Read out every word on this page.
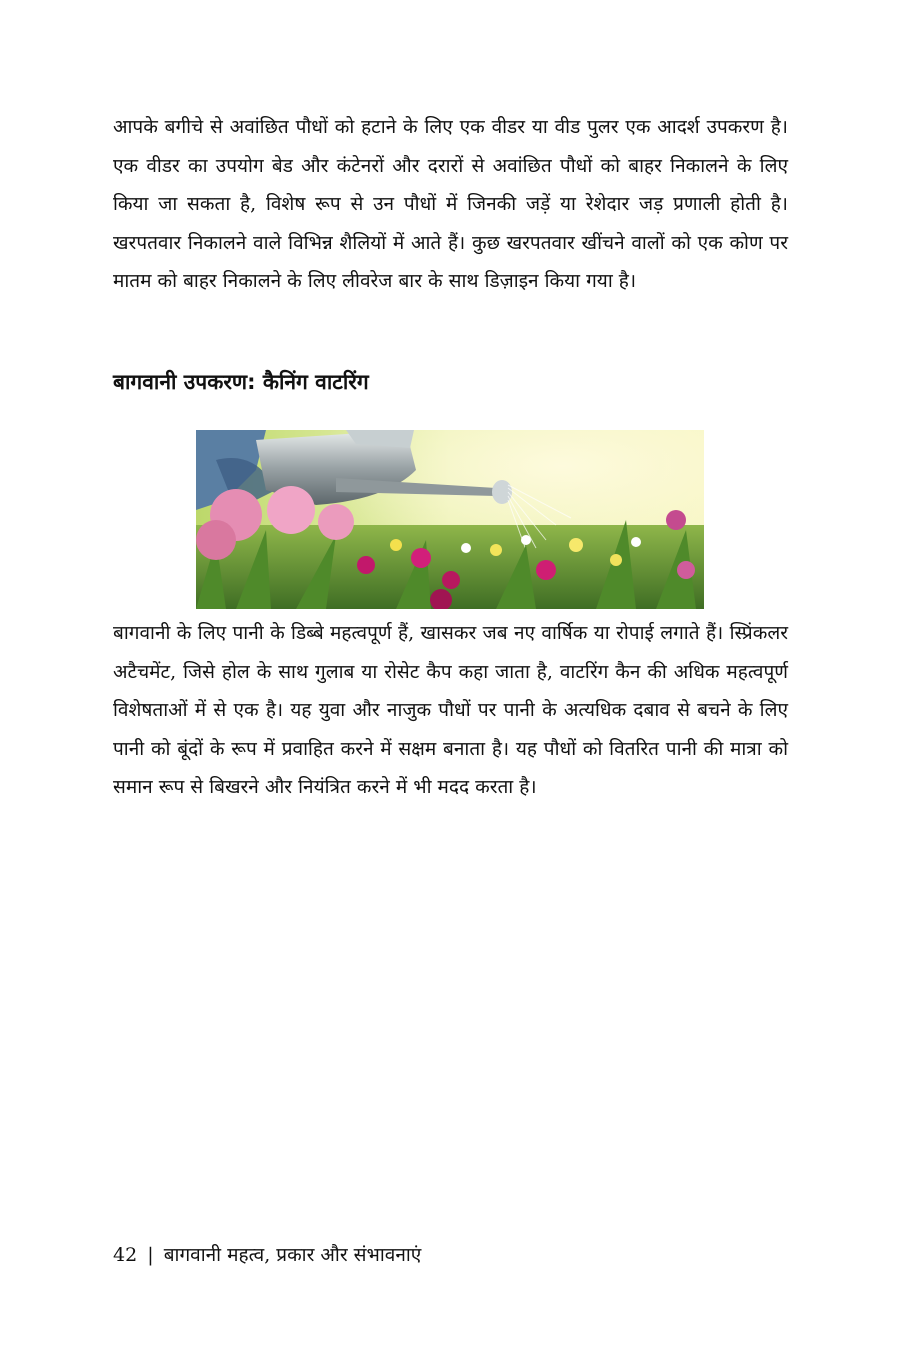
आपके बगीचे से अवांछित पौधों को हटाने के लिए एक वीडर या वीड पुलर एक आदर्श उपकरण है। एक वीडर का उपयोग बेड और कंटेनरों और दरारों से अवांछित पौधों को बाहर निकालने के लिए किया जा सकता है, विशेष रूप से उन पौधों में जिनकी जड़ें या रेशेदार जड़ प्रणाली होती है। खरपतवार निकालने वाले विभिन्न शैलियों में आते हैं। कुछ खरपतवार खींचने वालों को एक कोण पर मातम को बाहर निकालने के लिए लीवरेज बार के साथ डिज़ाइन किया गया है।

बागवानी उपकरण: कैनिंग वाटरिंग

बागवानी के लिए पानी के डिब्बे महत्वपूर्ण हैं, खासकर जब नए वार्षिक या रोपाई लगाते हैं। स्प्रिंकलर अटैचमेंट, जिसे होल के साथ गुलाब या रोसेट कैप कहा जाता है, वाटरिंग कैन की अधिक महत्वपूर्ण विशेषताओं में से एक है। यह युवा और नाजुक पौधों पर पानी के अत्यधिक दबाव से बचने के लिए पानी को बूंदों के रूप में प्रवाहित करने में सक्षम बनाता है। यह पौधों को वितरित पानी की मात्रा को समान रूप से बिखरने और नियंत्रित करने में भी मदद करता है।

42 | बागवानी महत्व, प्रकार और संभावनाएं
